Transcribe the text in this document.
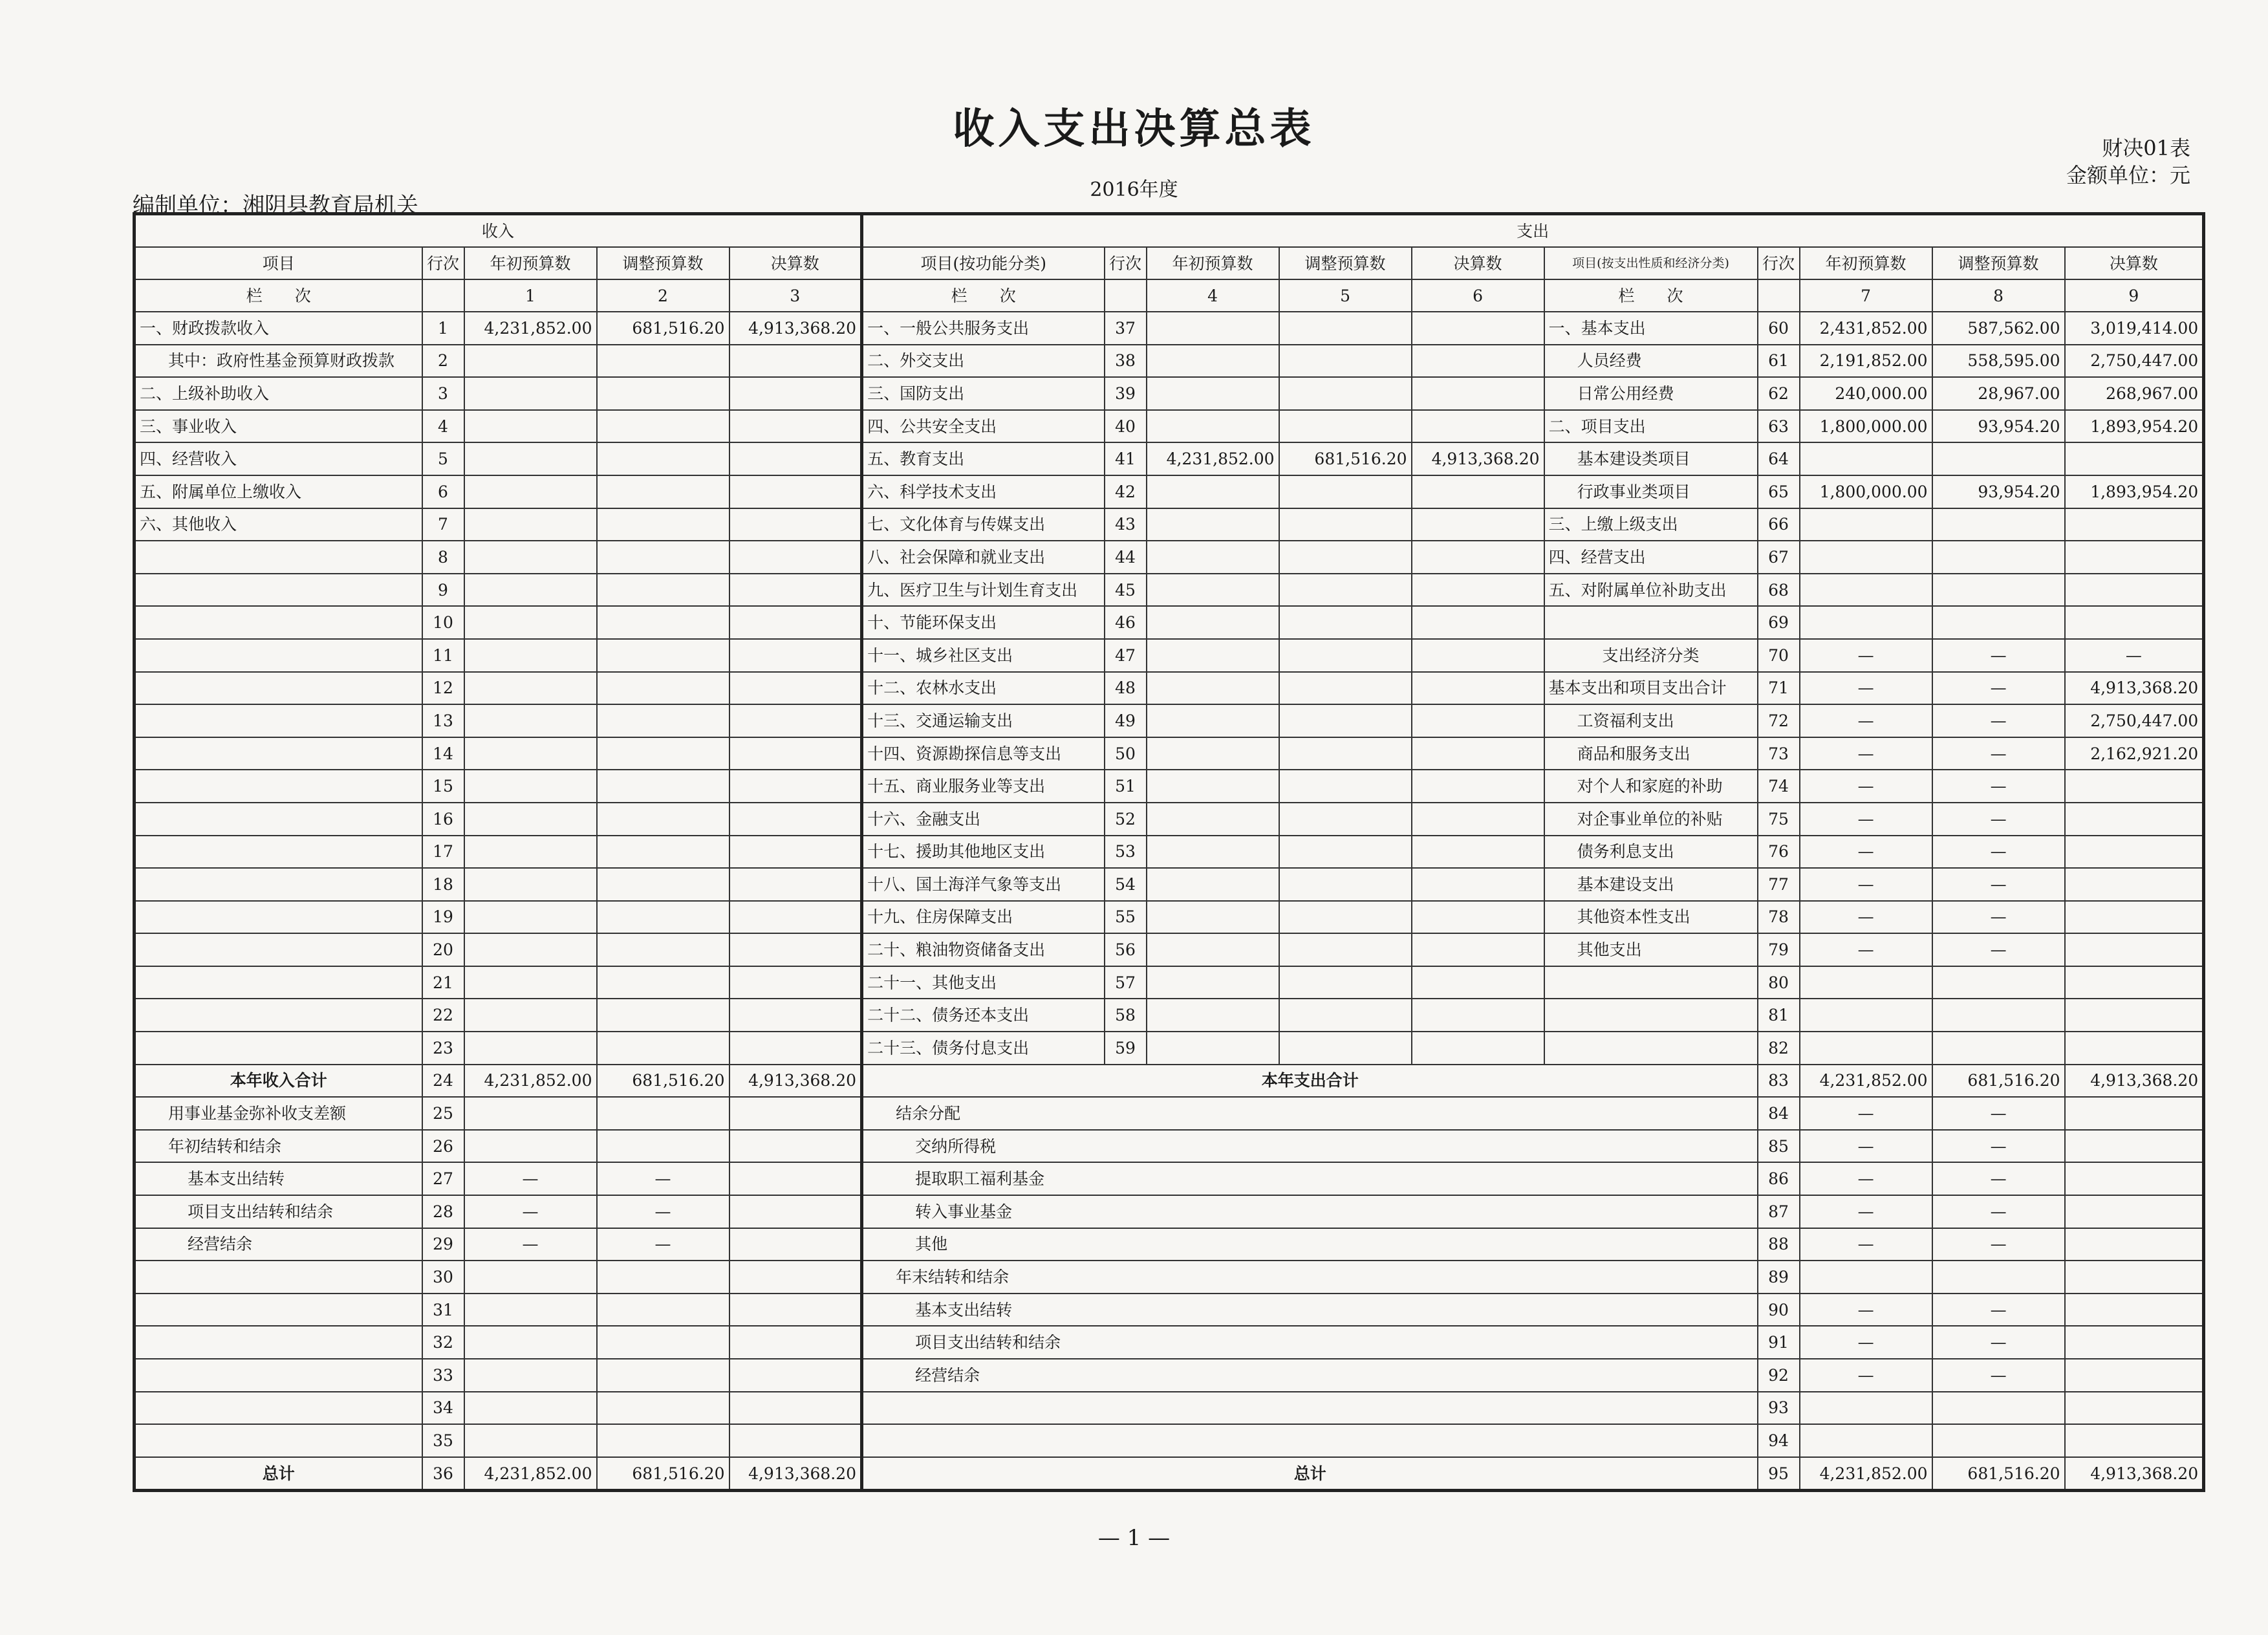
收入支出决算总表	财决01表
金额单位：元
2016年度
编制单位：湘阴县教育局机关
收入					支出									
项目	行次	年初预算数	调整预算数	决算数	项目(按功能分类)	行次	年初预算数	调整预算数	决算数	项目(按支出性质和经济分类)	行次	年初预算数	调整预算数	决算数
栏　　次		1	2	3	栏　　次		4	5	6	栏　　次		7	8	9
一、财政拨款收入	1	4,231,852.00	681,516.20	4,913,368.20	一、一般公共服务支出	37				一、基本支出	60	2,431,852.00	587,562.00	3,019,414.00
其中：政府性基金预算财政拨款	2				二、外交支出	38				人员经费	61	2,191,852.00	558,595.00	2,750,447.00
二、上级补助收入	3				三、国防支出	39				日常公用经费	62	240,000.00	28,967.00	268,967.00
三、事业收入	4				四、公共安全支出	40				二、项目支出	63	1,800,000.00	93,954.20	1,893,954.20
四、经营收入	5				五、教育支出	41	4,231,852.00	681,516.20	4,913,368.20	基本建设类项目	64			
五、附属单位上缴收入	6				六、科学技术支出	42				行政事业类项目	65	1,800,000.00	93,954.20	1,893,954.20
六、其他收入	7				七、文化体育与传媒支出	43				三、上缴上级支出	66			
	8				八、社会保障和就业支出	44				四、经营支出	67			
	9				九、医疗卫生与计划生育支出	45				五、对附属单位补助支出	68			
	10				十、节能环保支出	46					69			
	11				十一、城乡社区支出	47				支出经济分类	70	—	—	—
	12				十二、农林水支出	48				基本支出和项目支出合计	71	—	—	4,913,368.20
	13				十三、交通运输支出	49				工资福利支出	72	—	—	2,750,447.00
	14				十四、资源勘探信息等支出	50				商品和服务支出	73	—	—	2,162,921.20
	15				十五、商业服务业等支出	51				对个人和家庭的补助	74	—	—	
	16				十六、金融支出	52				对企事业单位的补贴	75	—	—	
	17				十七、援助其他地区支出	53				债务利息支出	76	—	—	
	18				十八、国土海洋气象等支出	54				基本建设支出	77	—	—	
	19				十九、住房保障支出	55				其他资本性支出	78	—	—	
	20				二十、粮油物资储备支出	56				其他支出	79	—	—	
	21				二十一、其他支出	57					80			
	22				二十二、债务还本支出	58					81			
	23				二十三、债务付息支出	59					82			
本年收入合计	24	4,231,852.00	681,516.20	4,913,368.20	本年支出合计						83	4,231,852.00	681,516.20	4,913,368.20
用事业基金弥补收支差额	25				结余分配						84	—	—	
年初结转和结余	26				交纳所得税						85	—	—	
基本支出结转	27	—	—		提取职工福利基金						86	—	—	
项目支出结转和结余	28	—	—		转入事业基金						87	—	—	
经营结余	29	—	—		其他						88	—	—	
	30				年末结转和结余						89			
	31				基本支出结转						90	—	—	
	32				项目支出结转和结余						91	—	—	
	33				经营结余						92	—	—	
	34										93			
	35										94			
总计	36	4,231,852.00	681,516.20	4,913,368.20	总计						95	4,231,852.00	681,516.20	4,913,368.20
— 1 —
